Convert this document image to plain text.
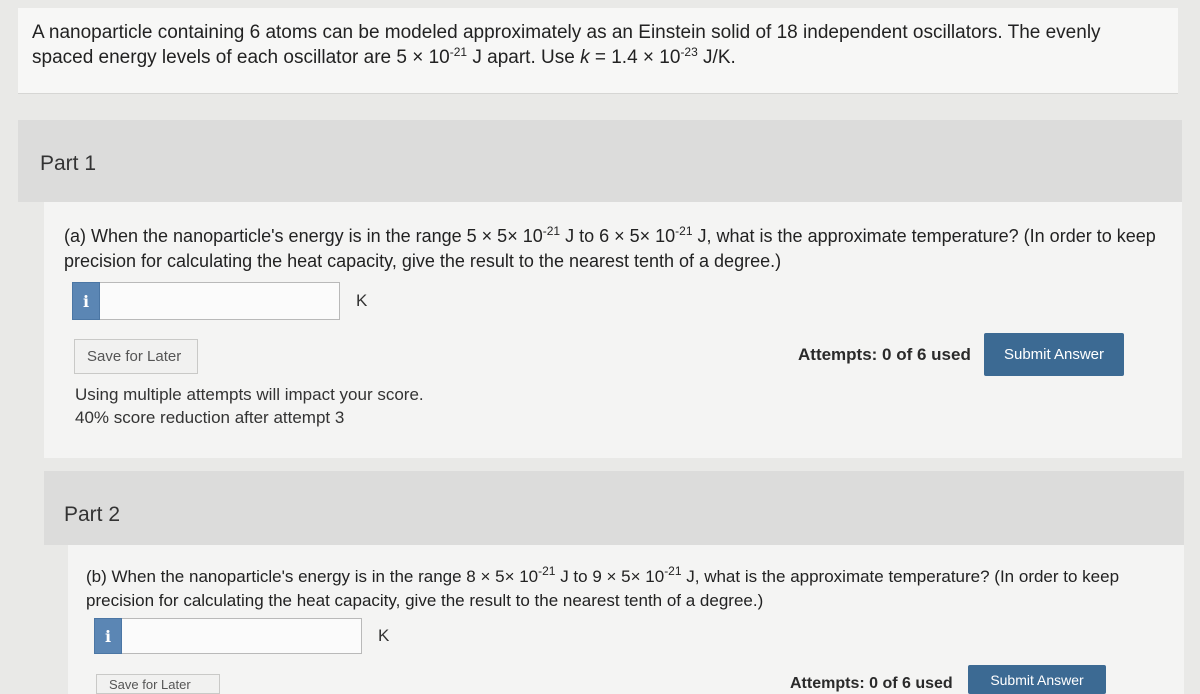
A nanoparticle containing 6 atoms can be modeled approximately as an Einstein solid of 18 independent oscillators. The evenly spaced energy levels of each oscillator are $5 \times 10^{-21}$ J apart. Use $k = 1.4 \times 10^{-23}$ J/K.
Part 1
(a) When the nanoparticle's energy is in the range $5 \times 5\times 10^{-21}$ J to $6 \times 5\times 10^{-21}$ J, what is the approximate temperature? (In order to keep precision for calculating the heat capacity, give the result to the nearest tenth of a degree.)
i	K
Save for Later	Attempts: 0 of 6 used	Submit Answer
Using multiple attempts will impact your score.
40% score reduction after attempt 3
Part 2
(b) When the nanoparticle's energy is in the range $8 \times 5\times 10^{-21}$ J to $9 \times 5\times 10^{-21}$ J, what is the approximate temperature? (In order to keep precision for calculating the heat capacity, give the result to the nearest tenth of a degree.)
i	K
Save for Later	Attempts: 0 of 6 used	Submit Answer
